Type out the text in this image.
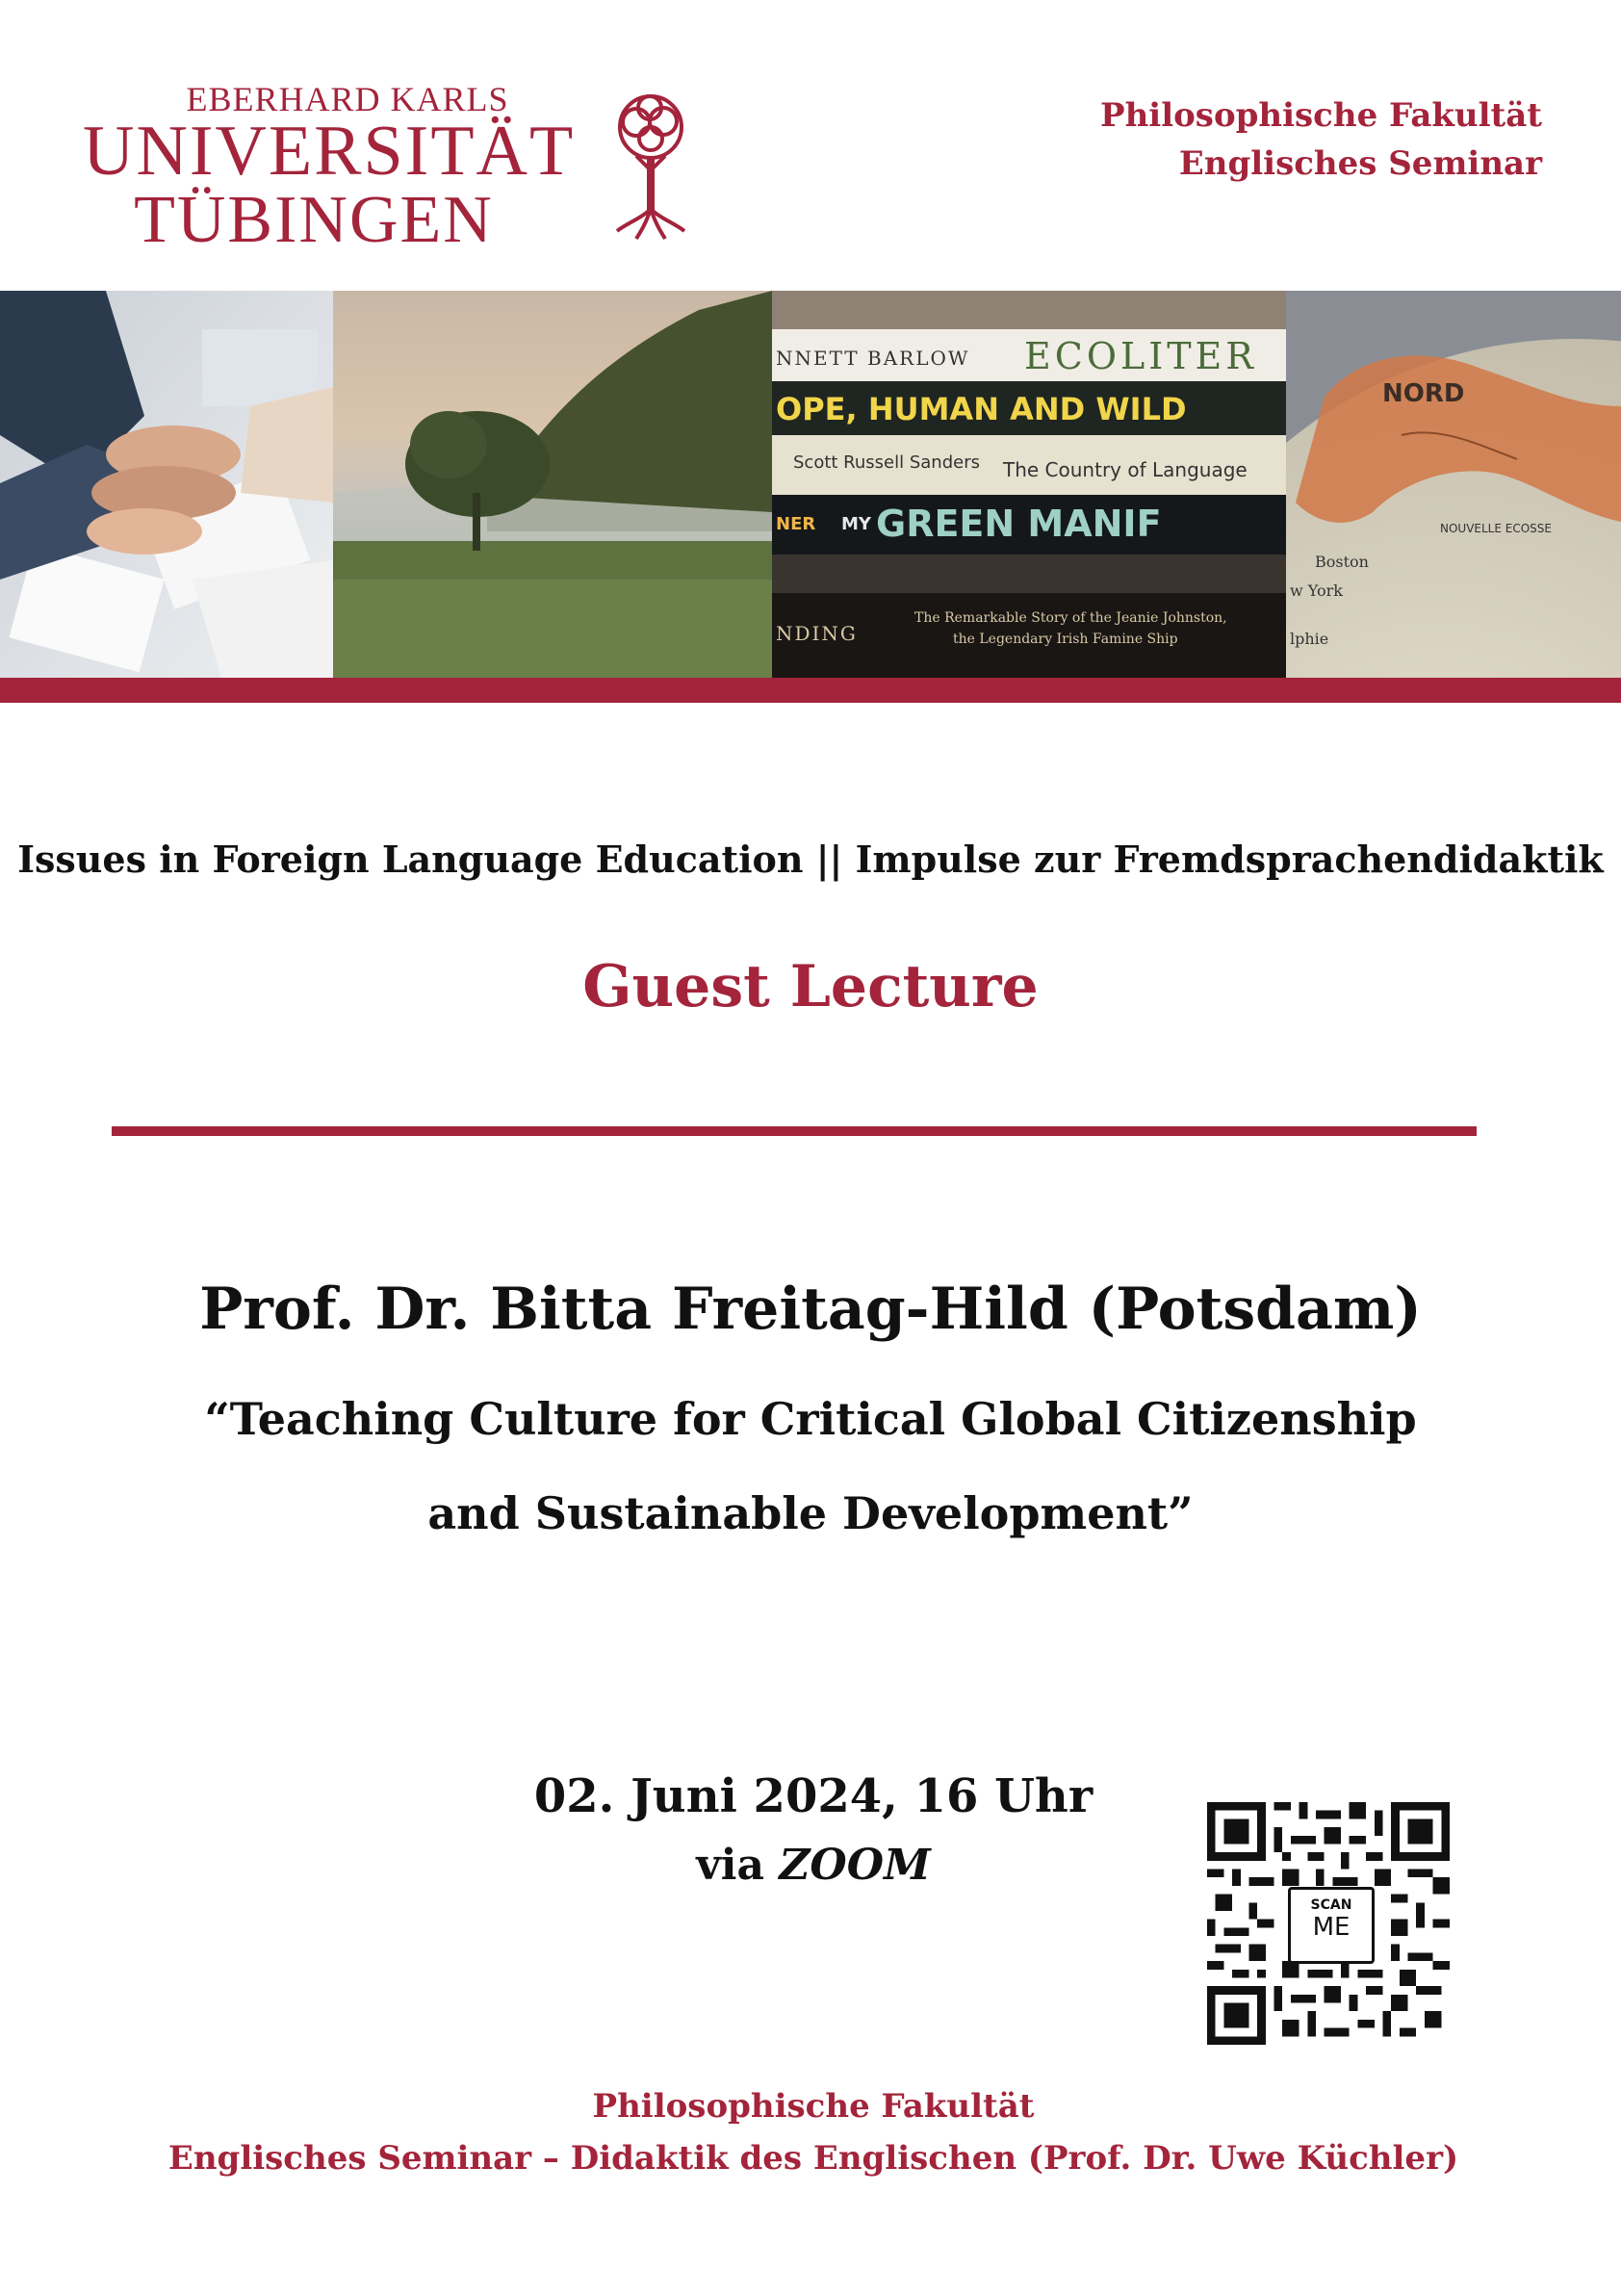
EBERHARD KARLS
UNIVERSITÄT
TÜBINGEN
Philosophische Fakultät
Englisches Seminar
NNETT BARLOW ECOLITER
OPE, HUMAN AND WILD
Scott Russell Sanders The Country of Language
NER MY GREEN MANIF
NDING
The Remarkable Story of the Jeanie Johnston,
the Legendary Irish Famine Ship
NORD
NOUVELLE ECOSSE
Boston
w York
lphie
Issues in Foreign Language Education || Impulse zur Fremdsprachendidaktik
Guest Lecture
Prof. Dr. Bitta Freitag-Hild (Potsdam)
“Teaching Culture for Critical Global Citizenship
and Sustainable Development”
02. Juni 2024, 16 Uhr
via ZOOM
SCAN
ME
Philosophische Fakultät
Englisches Seminar – Didaktik des Englischen (Prof. Dr. Uwe Küchler)
